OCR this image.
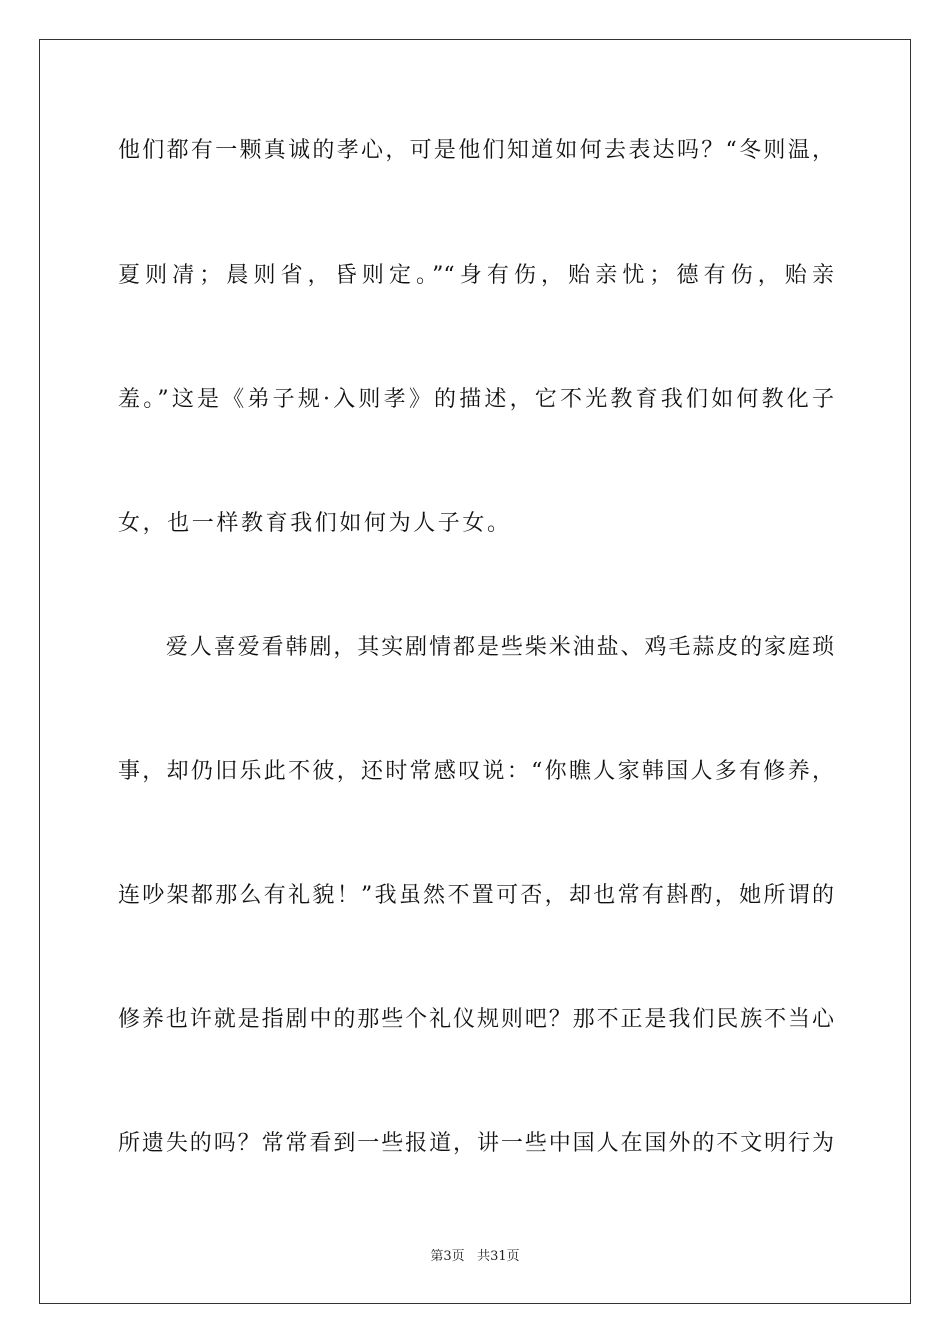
他们都有一颗真诚的孝心，可是他们知道如何去表达吗？“冬则温，
夏则凊；晨则省，昏则定。”“身有伤，贻亲忧；德有伤，贻亲
羞。”这是《弟子规·入则孝》的描述，它不光教育我们如何教化子
女，也一样教育我们如何为人子女。
　　爱人喜爱看韩剧，其实剧情都是些柴米油盐、鸡毛蒜皮的家庭琐
事，却仍旧乐此不彼，还时常感叹说：“你瞧人家韩国人多有修养，
连吵架都那么有礼貌！”我虽然不置可否，却也常有斟酌，她所谓的
修养也许就是指剧中的那些个礼仪规则吧？那不正是我们民族不当心
所遗失的吗？常常看到一些报道，讲一些中国人在国外的不文明行为
第3页 共31页
